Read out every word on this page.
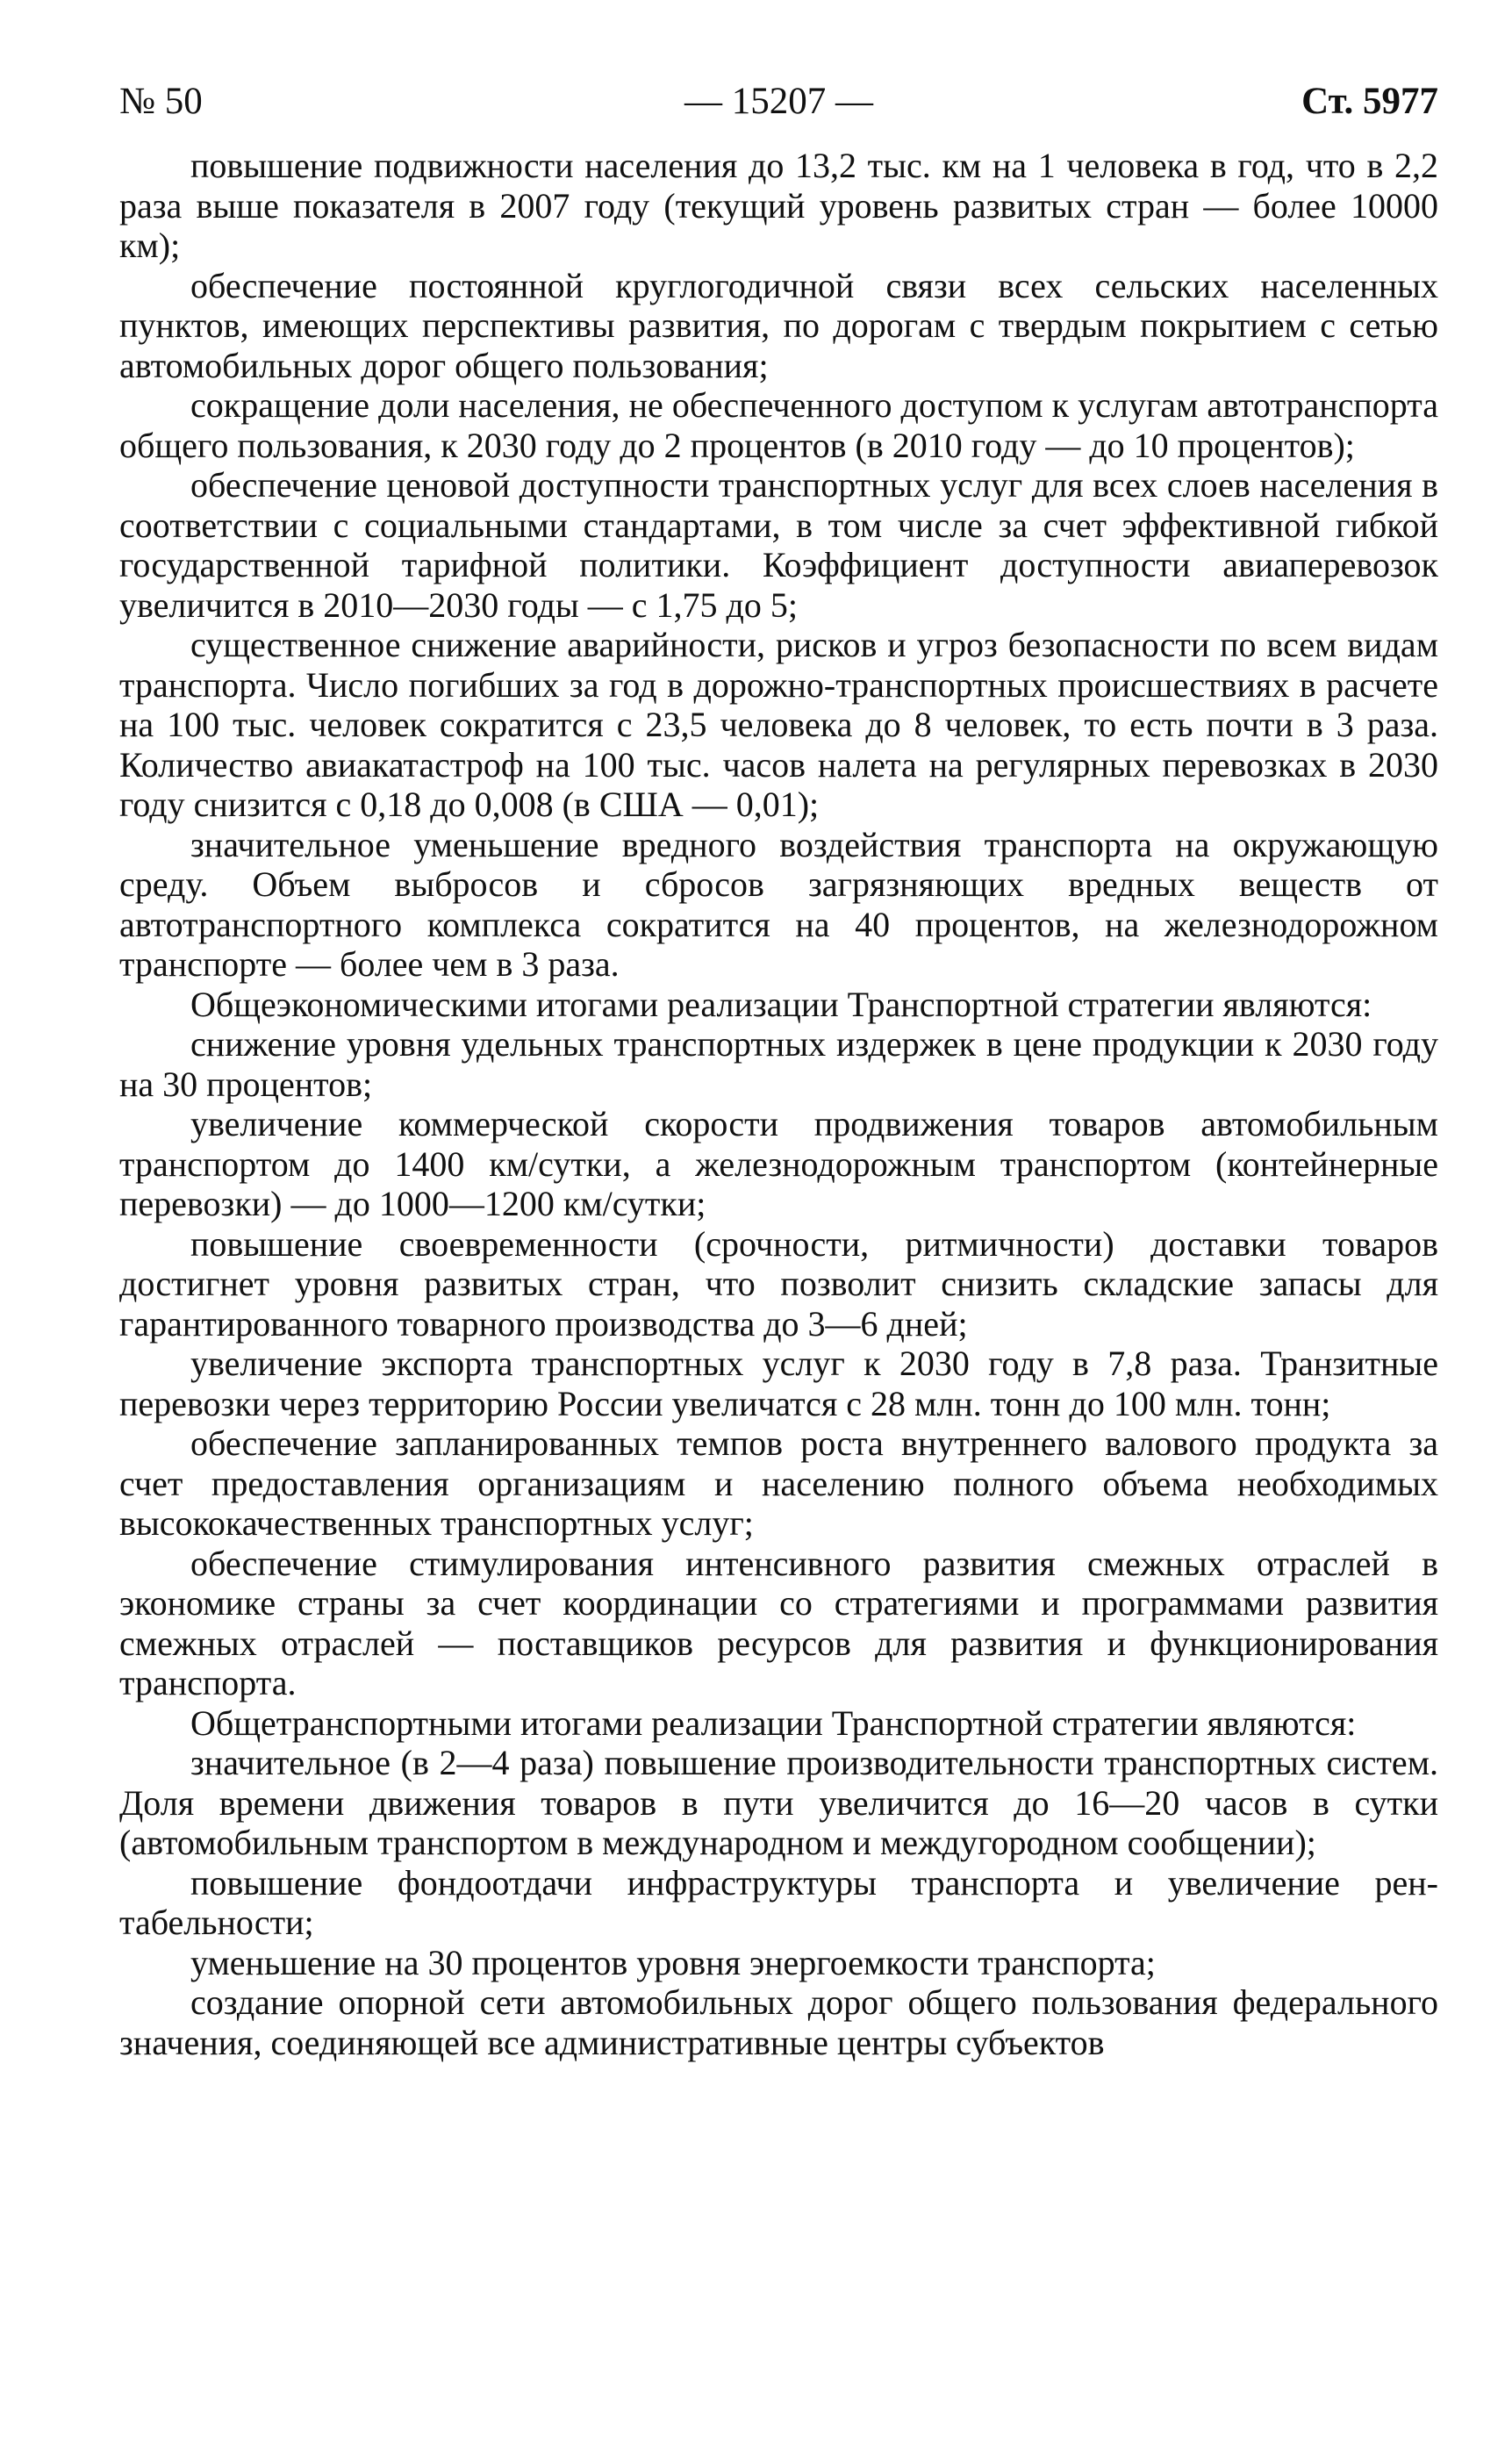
№ 50	— 15207 —	Ст. 5977

повышение подвижности населения до 13,2 тыс. км на 1 человека в год, что в 2,2 раза выше показателя в 2007 году (текущий уровень развитых стран — более 10000 км);

обеспечение постоянной круглогодичной связи всех сельских населенных пунктов, имеющих перспективы развития, по дорогам с твердым покрытием с сетью автомобильных дорог общего пользования;

сокращение доли населения, не обеспеченного доступом к услугам автотранспорта общего пользования, к 2030 году до 2 процентов (в 2010 году — до 10 процентов);

обеспечение ценовой доступности транспортных услуг для всех слоев населения в соответствии с социальными стандартами, в том числе за счет эффективной гибкой государственной тарифной политики. Коэффициент доступности авиаперевозок увеличится в 2010—2030 годы — с 1,75 до 5;

существенное снижение аварийности, рисков и угроз безопасности по всем видам транспорта. Число погибших за год в дорожно-транспортных происшествиях в расчете на 100 тыс. человек сократится с 23,5 человека до 8 человек, то есть почти в 3 раза. Количество авиакатастроф на 100 тыс. часов налета на регулярных перевозках в 2030 году снизится с 0,18 до 0,008 (в США — 0,01);

значительное уменьшение вредного воздействия транспорта на окружающую среду. Объем выбросов и сбросов загрязняющих вредных веществ от автотранспортного комплекса сократится на 40 процентов, на железнодорожном транспорте — более чем в 3 раза.

Общеэкономическими итогами реализации Транспортной стратегии являются:

снижение уровня удельных транспортных издержек в цене продукции к 2030 году на 30 процентов;

увеличение коммерческой скорости продвижения товаров автомобильным транспортом до 1400 км/сутки, а железнодорожным транспортом (контейнерные перевозки) — до 1000—1200 км/сутки;

повышение своевременности (срочности, ритмичности) доставки товаров достигнет уровня развитых стран, что позволит снизить складские запасы для гарантированного товарного производства до 3—6 дней;

увеличение экспорта транспортных услуг к 2030 году в 7,8 раза. Транзитные перевозки через территорию России увеличатся с 28 млн. тонн до 100 млн. тонн;

обеспечение запланированных темпов роста внутреннего валового продукта за счет предоставления организациям и населению полного объема необходимых высококачественных транспортных услуг;

обеспечение стимулирования интенсивного развития смежных отраслей в экономике страны за счет координации со стратегиями и программами развития смежных отраслей — поставщиков ресурсов для развития и функционирования транспорта.

Общетранспортными итогами реализации Транспортной стратегии являются:

значительное (в 2—4 раза) повышение производительности транспортных систем. Доля времени движения товаров в пути увеличится до 16—20 часов в сутки (автомобильным транспортом в международном и междугородном сообщении);

повышение фондоотдачи инфраструктуры транспорта и увеличение рентабельности;

уменьшение на 30 процентов уровня энергоемкости транспорта;

создание опорной сети автомобильных дорог общего пользования федерального значения, соединяющей все административные центры субъектов
